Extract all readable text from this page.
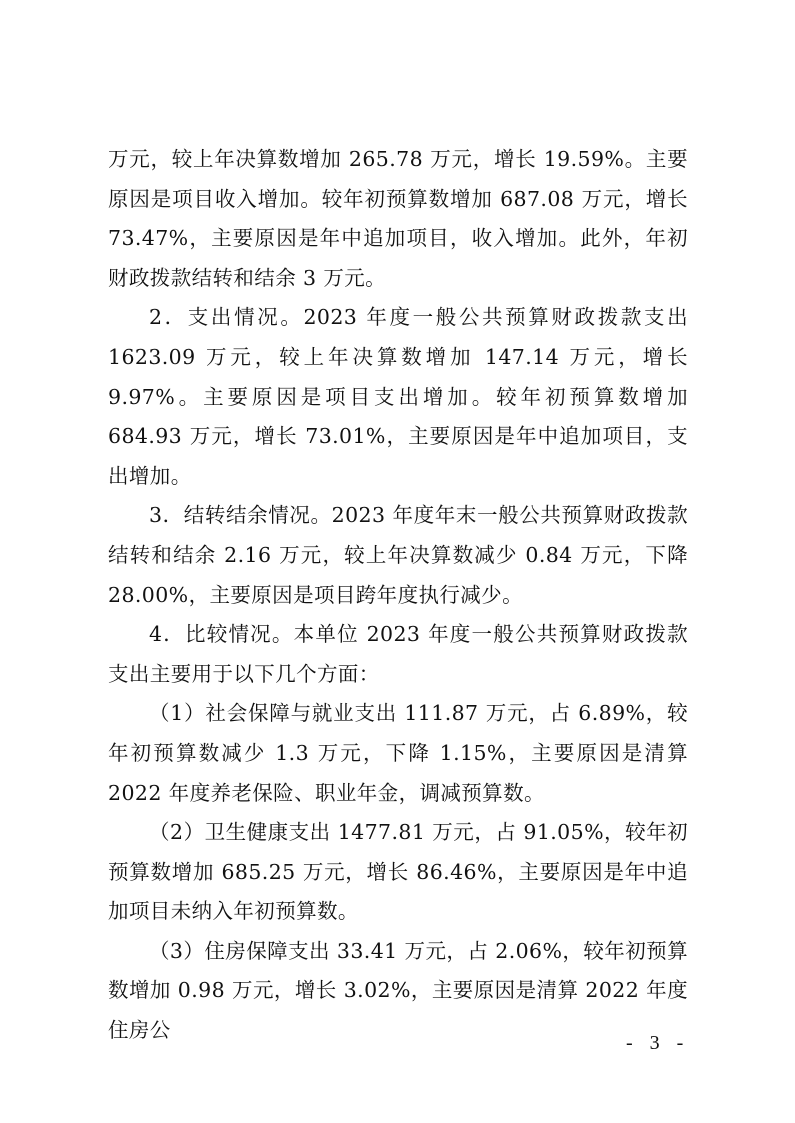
万元，较上年决算数增加 265.78 万元，增长 19.59%。主要原因是项目收入增加。较年初预算数增加 687.08 万元，增长 73.47%，主要原因是年中追加项目，收入增加。此外，年初财政拨款结转和结余 3 万元。

2．支出情况。2023 年度一般公共预算财政拨款支出 1623.09 万元，较上年决算数增加 147.14 万元，增长 9.97%。主要原因是项目支出增加。较年初预算数增加 684.93 万元，增长 73.01%，主要原因是年中追加项目，支出增加。

3．结转结余情况。2023 年度年末一般公共预算财政拨款结转和结余 2.16 万元，较上年决算数减少 0.84 万元，下降 28.00%，主要原因是项目跨年度执行减少。

4．比较情况。本单位 2023 年度一般公共预算财政拨款支出主要用于以下几个方面：

（1）社会保障与就业支出 111.87 万元，占 6.89%，较年初预算数减少 1.3 万元，下降 1.15%，主要原因是清算 2022 年度养老保险、职业年金，调减预算数。

（2）卫生健康支出 1477.81 万元，占 91.05%，较年初预算数增加 685.25 万元，增长 86.46%，主要原因是年中追加项目未纳入年初预算数。

（3）住房保障支出 33.41 万元，占 2.06%，较年初预算数增加 0.98 万元，增长 3.02%，主要原因是清算 2022 年度住房公

- 3 -
